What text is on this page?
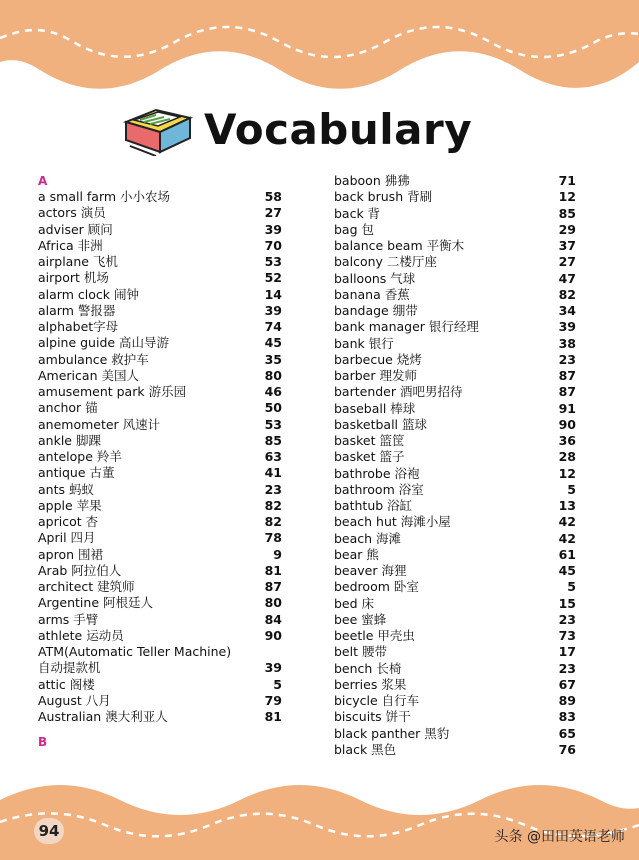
Vocabulary
A
a small farm 小小农场	58
actors 演员	27
adviser 顾问	39
Africa 非洲	70
airplane 飞机	53
airport 机场	52
alarm clock 闹钟	14
alarm 警报器	39
alphabet字母	74
alpine guide 高山导游	45
ambulance 救护车	35
American 美国人	80
amusement park 游乐园	46
anchor 锚	50
anemometer 风速计	53
ankle 脚踝	85
antelope 羚羊	63
antique 古董	41
ants 蚂蚁	23
apple 苹果	82
apricot 杏	82
April 四月	78
apron 围裙	9
Arab 阿拉伯人	81
architect 建筑师	87
Argentine 阿根廷人	80
arms 手臂	84
athlete 运动员	90
ATM(Automatic Teller Machine)
自动提款机	39
attic 阁楼	5
August 八月	79
Australian 澳大利亚人	81
B
baboon 狒狒	71
back brush 背刷	12
back 背	85
bag 包	29
balance beam 平衡木	37
balcony 二楼厅座	27
balloons 气球	47
banana 香蕉	82
bandage 绷带	34
bank manager 银行经理	39
bank 银行	38
barbecue 烧烤	23
barber 理发师	87
bartender 酒吧男招待	87
baseball 棒球	91
basketball 篮球	90
basket 篮筐	36
basket 篮子	28
bathrobe 浴袍	12
bathroom 浴室	5
bathtub 浴缸	13
beach hut 海滩小屋	42
beach 海滩	42
bear 熊	61
beaver 海狸	45
bedroom 卧室	5
bed 床	15
bee 蜜蜂	23
beetle 甲壳虫	73
belt 腰带	17
bench 长椅	23
berries 浆果	67
bicycle 自行车	89
biscuits 饼干	83
black panther 黑豹	65
black 黑色	76
94	头条 @田田英语老师
